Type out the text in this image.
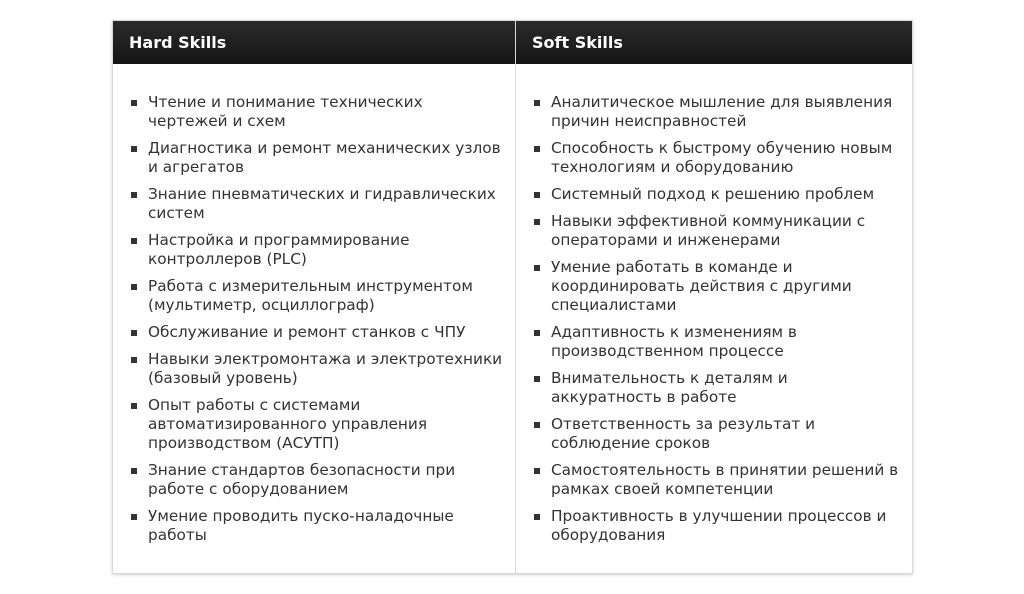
Hard Skills
Чтение и понимание технических чертежей и схем
Диагностика и ремонт механических узлов и агрегатов
Знание пневматических и гидравлических систем
Настройка и программирование контроллеров (PLC)
Работа с измерительным инструментом (мультиметр, осциллограф)
Обслуживание и ремонт станков с ЧПУ
Навыки электромонтажа и электротехники (базовый уровень)
Опыт работы с системами автоматизированного управления производством (АСУТП)
Знание стандартов безопасности при работе с оборудованием
Умение проводить пуско-наладочные работы
Soft Skills
Аналитическое мышление для выявления причин неисправностей
Способность к быстрому обучению новым технологиям и оборудованию
Системный подход к решению проблем
Навыки эффективной коммуникации с операторами и инженерами
Умение работать в команде и координировать действия с другими специалистами
Адаптивность к изменениям в производственном процессе
Внимательность к деталям и аккуратность в работе
Ответственность за результат и соблюдение сроков
Самостоятельность в принятии решений в рамках своей компетенции
Проактивность в улучшении процессов и оборудования
